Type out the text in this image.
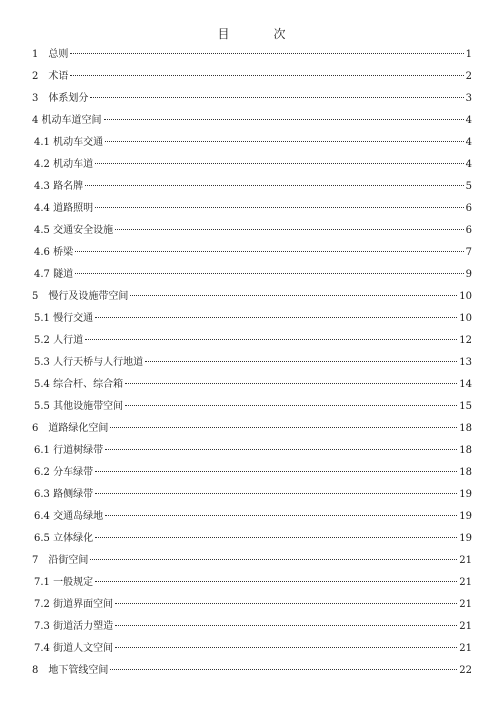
目　次
1　总则	1
2　术语	2
3　体系划分	3
4 机动车道空间	4
4.1 机动车交通	4
4.2 机动车道	4
4.3 路名牌	5
4.4 道路照明	6
4.5 交通安全设施	6
4.6 桥梁	7
4.7 隧道	9
5　慢行及设施带空间	10
5.1 慢行交通	10
5.2 人行道	12
5.3 人行天桥与人行地道	13
5.4 综合杆、综合箱	14
5.5 其他设施带空间	15
6　道路绿化空间	18
6.1 行道树绿带	18
6.2 分车绿带	18
6.3 路侧绿带	19
6.4 交通岛绿地	19
6.5 立体绿化	19
7　沿街空间	21
7.1 一般规定	21
7.2 街道界面空间	21
7.3 街道活力塑造	21
7.4 街道人文空间	21
8　地下管线空间	22
